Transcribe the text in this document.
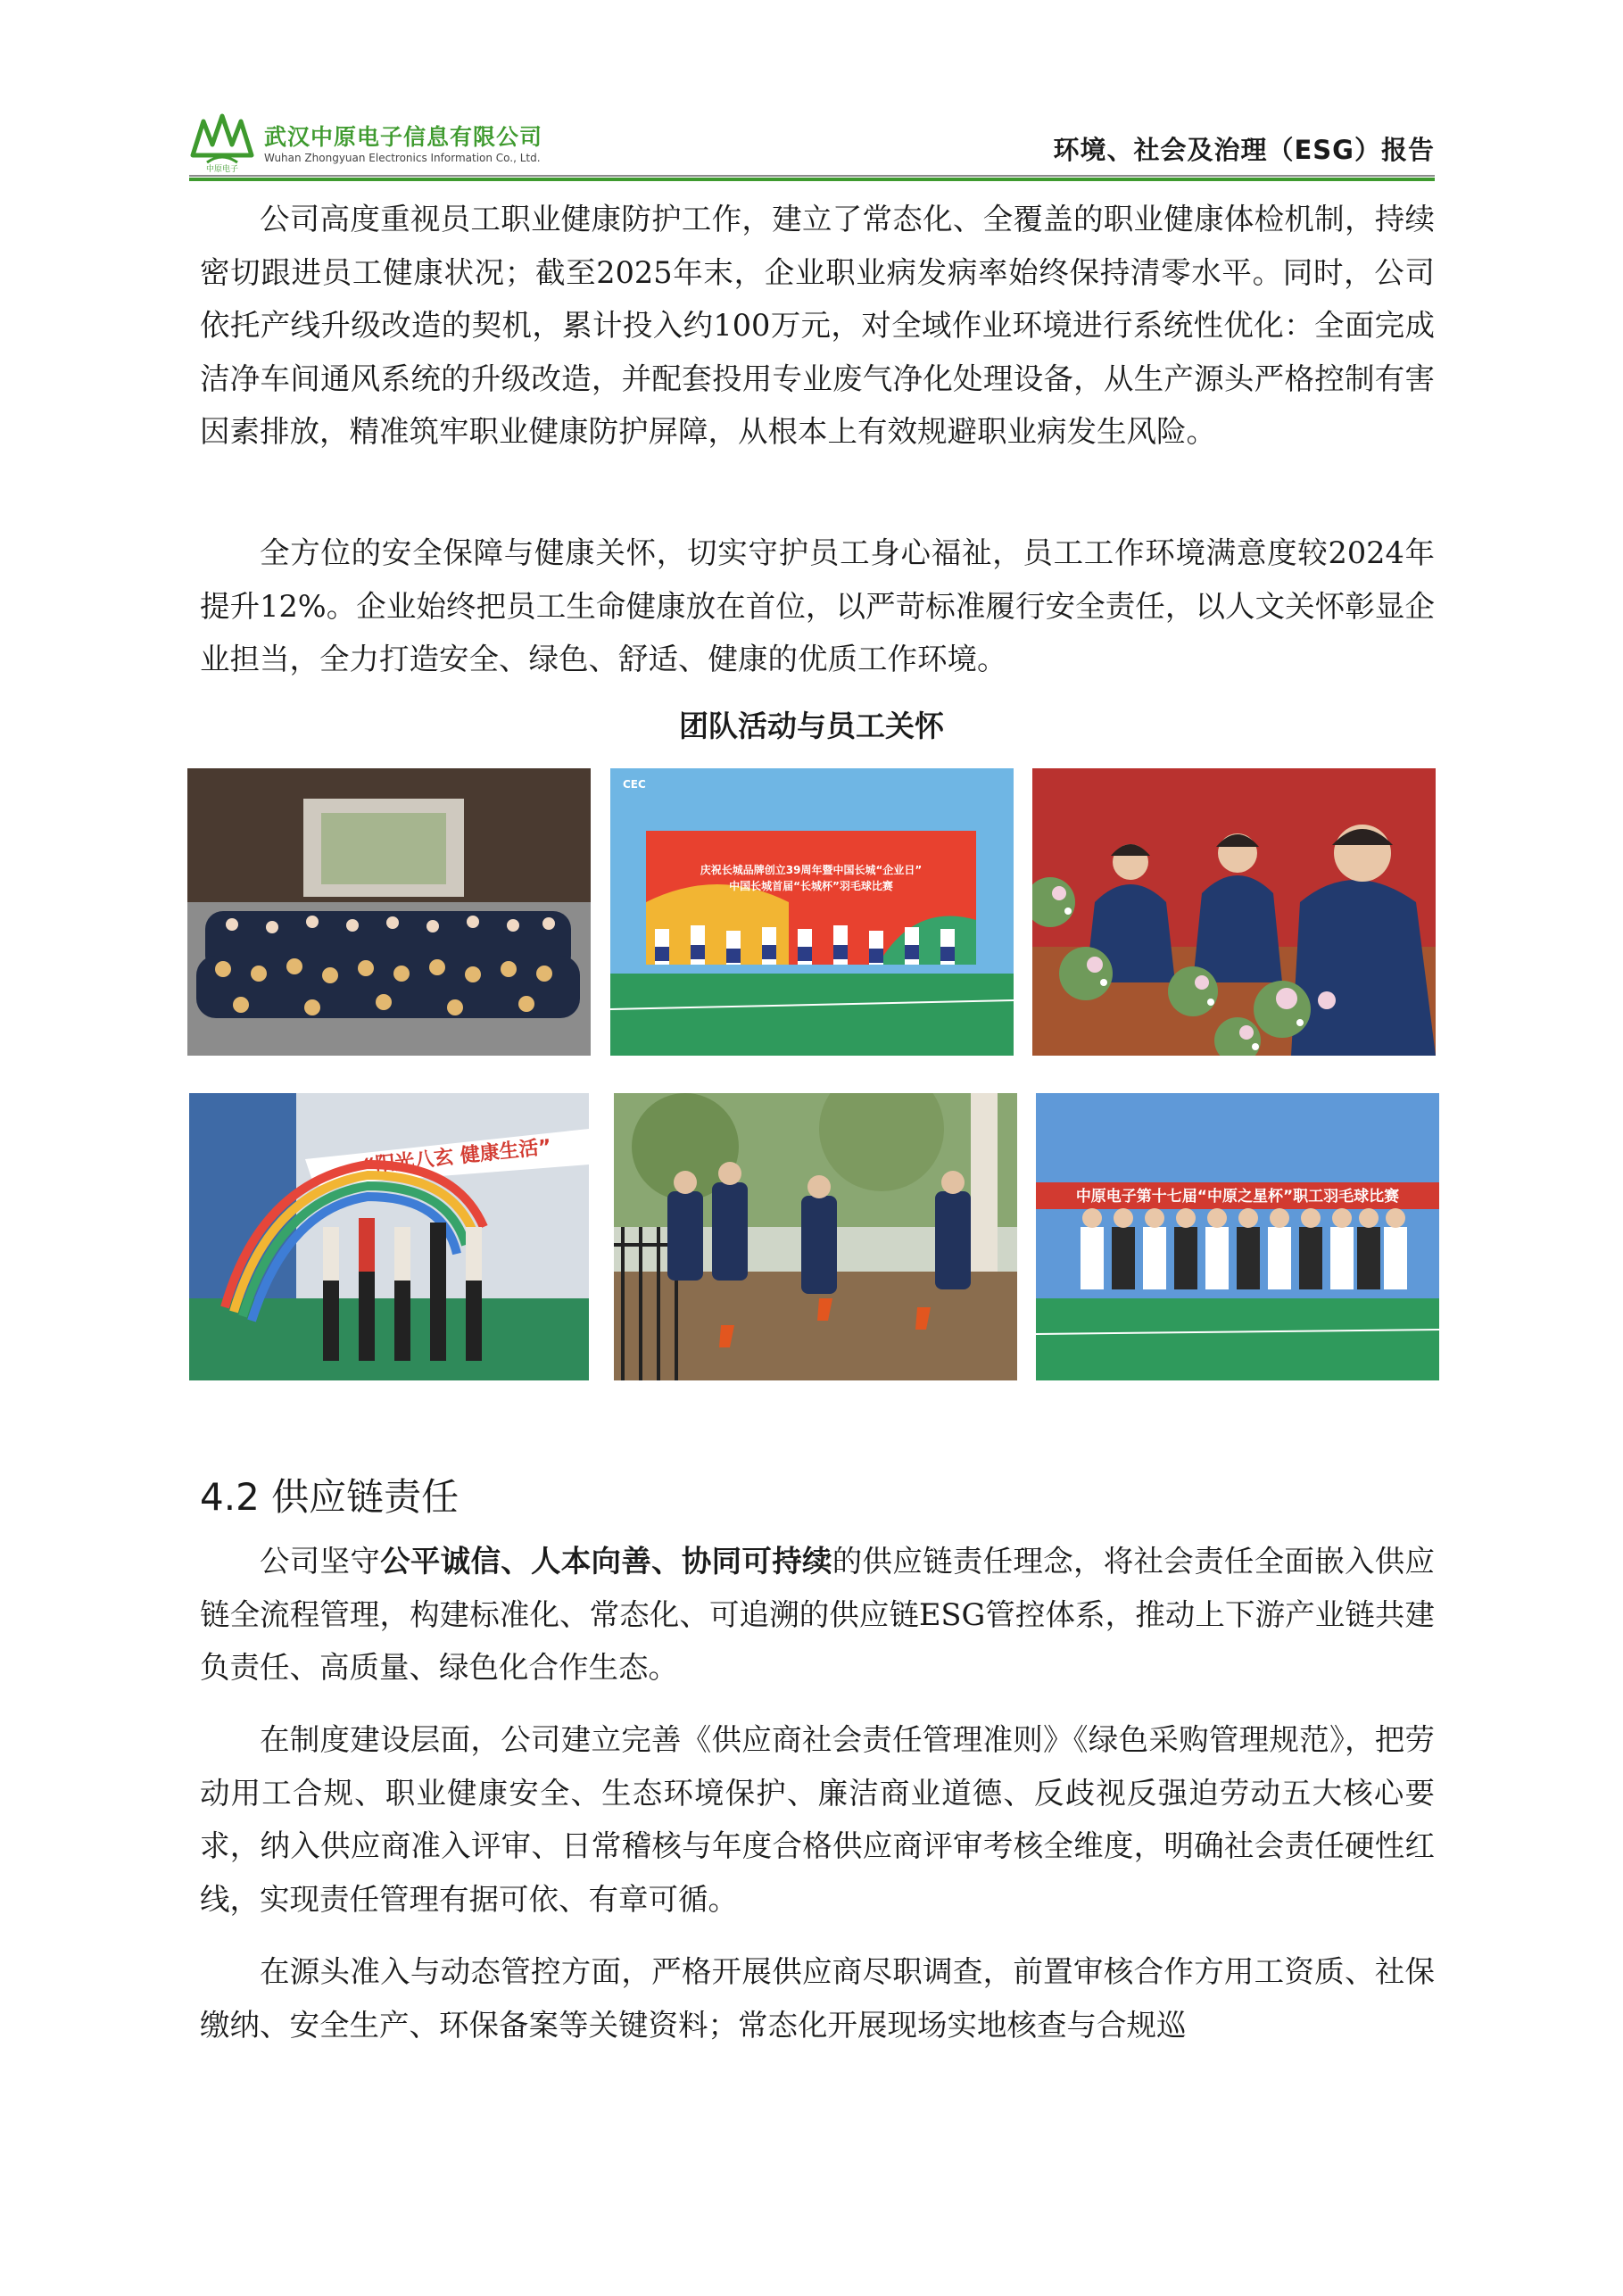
中原电子
武汉中原电子信息有限公司
Wuhan Zhongyuan Electronics Information Co., Ltd.	环境、社会及治理（ESG）报告

公司高度重视员工职业健康防护工作，建立了常态化、全覆盖的职业健康体检机制，持续密切跟进员工健康状况；截至2025年末，企业职业病发病率始终保持清零水平。同时，公司依托产线升级改造的契机，累计投入约100万元，对全域作业环境进行系统性优化：全面完成洁净车间通风系统的升级改造，并配套投用专业废气净化处理设备，从生产源头严格控制有害因素排放，精准筑牢职业健康防护屏障，从根本上有效规避职业病发生风险。

全方位的安全保障与健康关怀，切实守护员工身心福祉，员工工作环境满意度较2024年提升12%。企业始终把员工生命健康放在首位，以严苛标准履行安全责任，以人文关怀彰显企业担当，全力打造安全、绿色、舒适、健康的优质工作环境。

团队活动与员工关怀
庆祝长城品牌创立39周年暨中国长城“企业日”
中国长城首届“长城杯”羽毛球比赛
CEC
“阳光八玄 健康生活”
中原电子第十七届“中原之星杯”职工羽毛球比赛
4.2 供应链责任

公司坚守公平诚信、人本向善、协同可持续的供应链责任理念，将社会责任全面嵌入供应链全流程管理，构建标准化、常态化、可追溯的供应链ESG管控体系，推动上下游产业链共建负责任、高质量、绿色化合作生态。

在制度建设层面，公司建立完善《供应商社会责任管理准则》《绿色采购管理规范》，把劳动用工合规、职业健康安全、生态环境保护、廉洁商业道德、反歧视反强迫劳动五大核心要求，纳入供应商准入评审、日常稽核与年度合格供应商评审考核全维度，明确社会责任硬性红线，实现责任管理有据可依、有章可循。

在源头准入与动态管控方面，严格开展供应商尽职调查，前置审核合作方用工资质、社保缴纳、安全生产、环保备案等关键资料；常态化开展现场实地核查与合规巡
